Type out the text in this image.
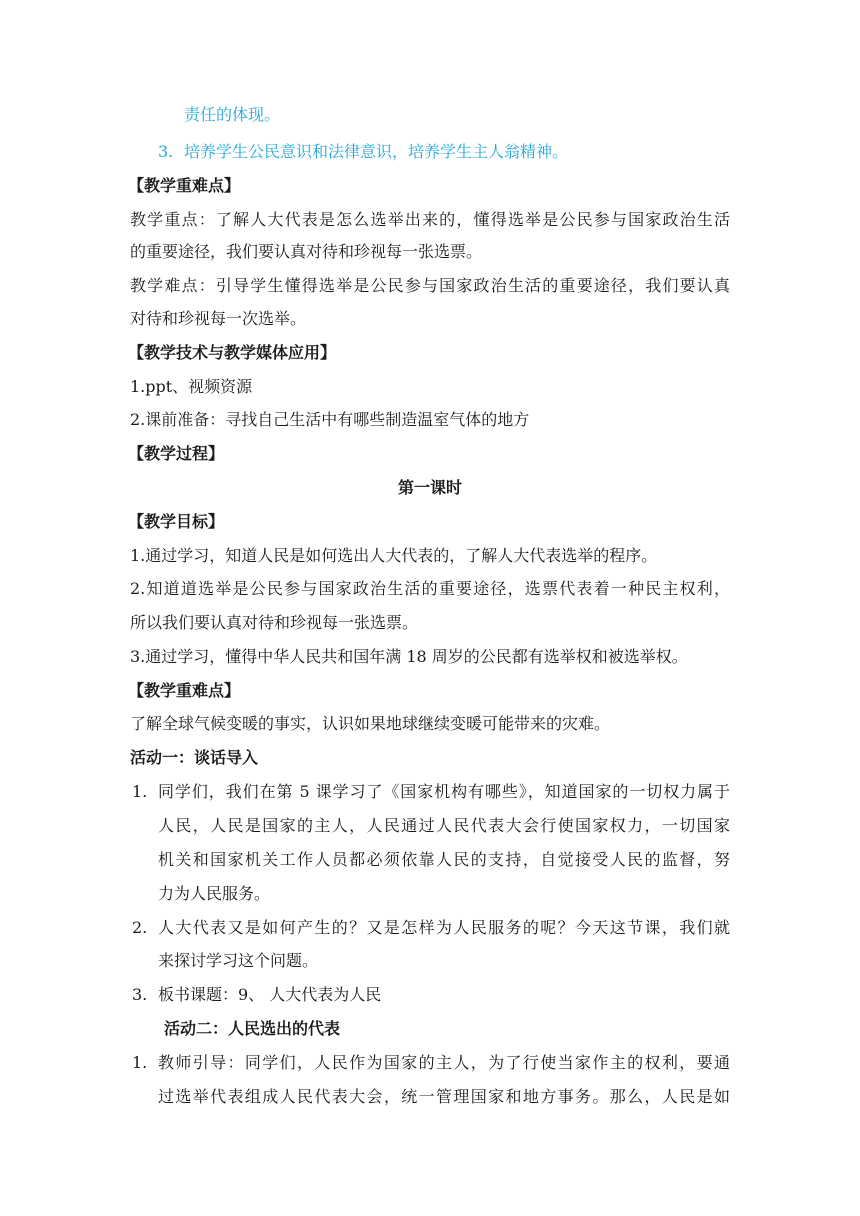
责任的体现。
3. 培养学生公民意识和法律意识，培养学生主人翁精神。
【教学重难点】
教学重点：了解人大代表是怎么选举出来的，懂得选举是公民参与国家政治生活
的重要途径，我们要认真对待和珍视每一张选票。
教学难点：引导学生懂得选举是公民参与国家政治生活的重要途径，我们要认真
对待和珍视每一次选举。
【教学技术与教学媒体应用】
1.ppt、视频资源
2.课前准备：寻找自己生活中有哪些制造温室气体的地方
【教学过程】
第一课时
【教学目标】
1.通过学习，知道人民是如何选出人大代表的，了解人大代表选举的程序。
2.知道道选举是公民参与国家政治生活的重要途径，选票代表着一种民主权利，
所以我们要认真对待和珍视每一张选票。
3.通过学习，懂得中华人民共和国年满 18 周岁的公民都有选举权和被选举权。
【教学重难点】
了解全球气候变暖的事实，认识如果地球继续变暖可能带来的灾难。
活动一：谈话导入
1. 同学们，我们在第 5 课学习了《国家机构有哪些》，知道国家的一切权力属于
人民，人民是国家的主人，人民通过人民代表大会行使国家权力，一切国家
机关和国家机关工作人员都必须依靠人民的支持，自觉接受人民的监督，努
力为人民服务。
2. 人大代表又是如何产生的？又是怎样为人民服务的呢？今天这节课，我们就
来探讨学习这个问题。
3. 板书课题：9、 人大代表为人民
活动二：人民选出的代表
1. 教师引导：同学们，人民作为国家的主人，为了行使当家作主的权利，要通
过选举代表组成人民代表大会，统一管理国家和地方事务。那么，人民是如
